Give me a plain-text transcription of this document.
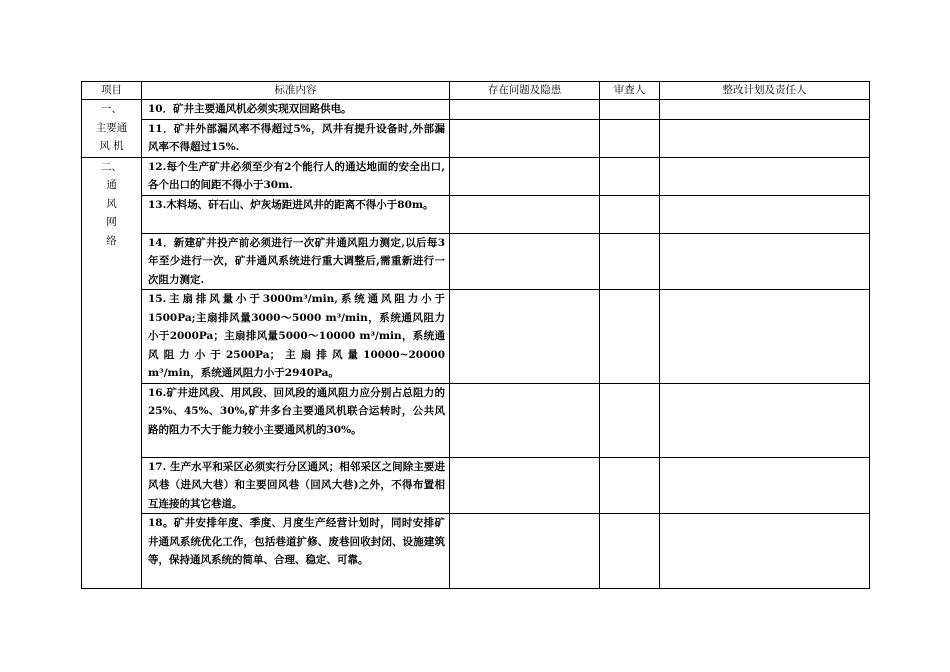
项目	标准内容	存在问题及隐患	审查人	整改计划及责任人

一、
主要通
风 机	10．矿井主要通风机必须实现双回路供电。			

	11．矿井外部漏风率不得超过5%，风井有提升设备时,外部漏风率不得超过15%.			

二、
通
风
网
络	12.每个生产矿井必须至少有2个能行人的通达地面的安全出口,各个出口的间距不得小于30m.			

	13.木料场、矸石山、炉灰场距进风井的距离不得小于80m。			

	14．新建矿井投产前必须进行一次矿井通风阻力测定,以后每3年至少进行一次，矿井通风系统进行重大调整后,需重新进行一次阻力测定.			

	15.主扇排风量小于3000m³/min,系统通风阻力小于1500Pa;主扇排风量3000～5000 m³/min，系统通风阻力小于2000Pa；主扇排风量5000～10000 m³/min，系统通风阻力小于2500Pa；主扇排风量10000~20000 m³/min，系统通风阻力小于2940Pa。			

	16.矿井进风段、用风段、回风段的通风阻力应分别占总阻力的25%、45%、30%,矿井多台主要通风机联合运转时，公共风路的阻力不大于能力较小主要通风机的30%。			

	17. 生产水平和采区必须实行分区通风；相邻采区之间除主要进风巷（进风大巷）和主要回风巷（回风大巷)之外，不得布置相互连接的其它巷道。			

	18。矿井安排年度、季度、月度生产经营计划时，同时安排矿井通风系统优化工作，包括巷道扩修、废巷回收封闭、设施建筑等，保持通风系统的简单、合理、稳定、可靠。			
